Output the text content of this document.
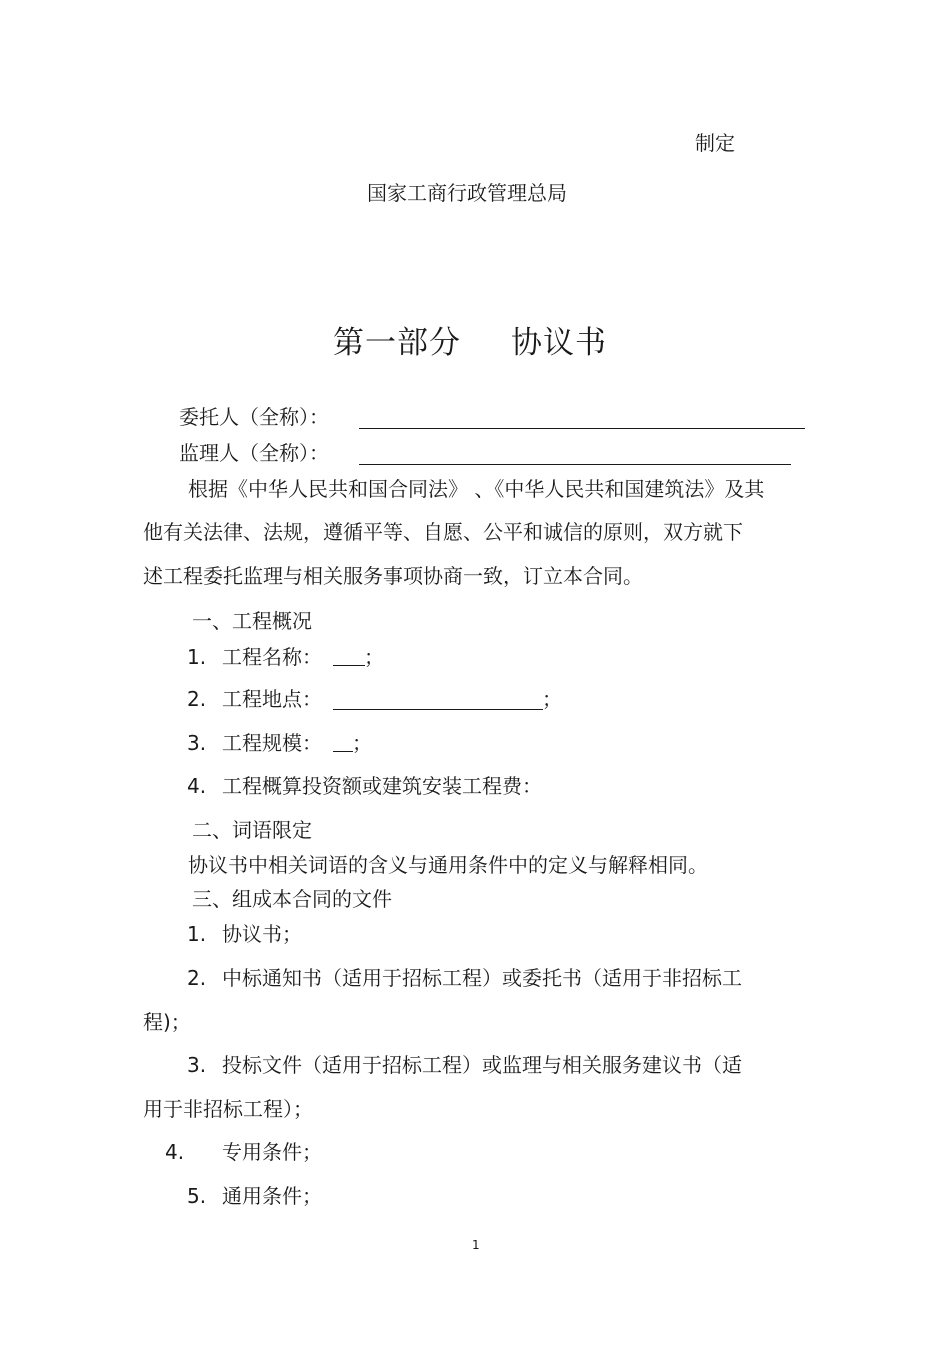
制定
国家工商行政管理总局
第一部分 协议书
委托人（全称）：
监理人（全称）：
根据《中华人民共和国合同法》 、《中华人民共和国建筑法》及其
他有关法律、法规，遵循平等、自愿、公平和诚信的原则，双方就下
述工程委托监理与相关服务事项协商一致，订立本合同。
一、工程概况
1. 工程名称： ；
2. 工程地点：	；
3. 工程规模： ；
4. 工程概算投资额或建筑安装工程费：
二、词语限定
协议书中相关词语的含义与通用条件中的定义与解释相同。
三、组成本合同的文件
1. 协议书；
2. 中标通知书（适用于招标工程）或委托书（适用于非招标工
程)；
3. 投标文件（适用于招标工程）或监理与相关服务建议书（适
用于非招标工程）；
4. 专用条件；
5. 通用条件；
1
